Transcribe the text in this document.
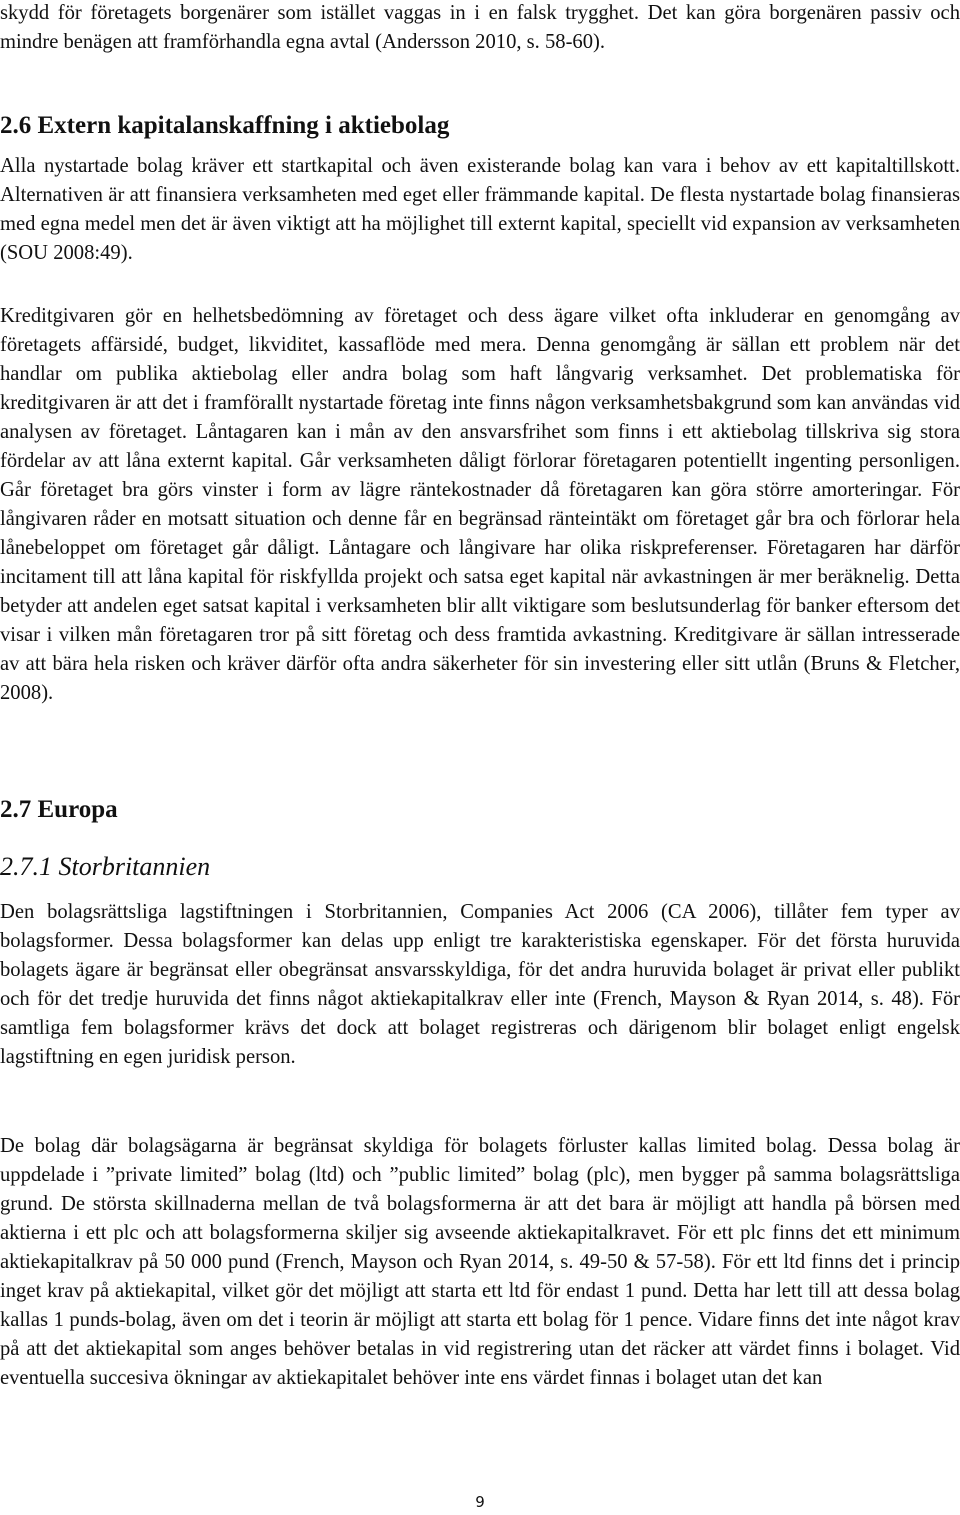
skydd för företagets borgenärer som istället vaggas in i en falsk trygghet. Det kan göra borgenären passiv och mindre benägen att framförhandla egna avtal (Andersson 2010, s. 58-60).

2.6 Extern kapitalanskaffning i aktiebolag

Alla nystartade bolag kräver ett startkapital och även existerande bolag kan vara i behov av ett kapitaltillskott. Alternativen är att finansiera verksamheten med eget eller främmande kapital. De flesta nystartade bolag finansieras med egna medel men det är även viktigt att ha möjlighet till externt kapital, speciellt vid expansion av verksamheten (SOU 2008:49).

Kreditgivaren gör en helhetsbedömning av företaget och dess ägare vilket ofta inkluderar en genomgång av företagets affärsidé, budget, likviditet, kassaflöde med mera. Denna genomgång är sällan ett problem när det handlar om publika aktiebolag eller andra bolag som haft långvarig verksamhet. Det problematiska för kreditgivaren är att det i framförallt nystartade företag inte finns någon verksamhetsbakgrund som kan användas vid analysen av företaget. Låntagaren kan i mån av den ansvarsfrihet som finns i ett aktiebolag tillskriva sig stora fördelar av att låna externt kapital. Går verksamheten dåligt förlorar företagaren potentiellt ingenting personligen. Går företaget bra görs vinster i form av lägre räntekostnader då företagaren kan göra större amorteringar. För långivaren råder en motsatt situation och denne får en begränsad ränteintäkt om företaget går bra och förlorar hela lånebeloppet om företaget går dåligt. Låntagare och långivare har olika riskpreferenser. Företagaren har därför incitament till att låna kapital för riskfyllda projekt och satsa eget kapital när avkastningen är mer beräknelig. Detta betyder att andelen eget satsat kapital i verksamheten blir allt viktigare som beslutsunderlag för banker eftersom det visar i vilken mån företagaren tror på sitt företag och dess framtida avkastning. Kreditgivare är sällan intresserade av att bära hela risken och kräver därför ofta andra säkerheter för sin investering eller sitt utlån (Bruns & Fletcher, 2008).

2.7 Europa
2.7.1 Storbritannien

Den bolagsrättsliga lagstiftningen i Storbritannien, Companies Act 2006 (CA 2006), tillåter fem typer av bolagsformer. Dessa bolagsformer kan delas upp enligt tre karakteristiska egenskaper. För det första huruvida bolagets ägare är begränsat eller obegränsat ansvarsskyldiga, för det andra huruvida bolaget är privat eller publikt och för det tredje huruvida det finns något aktiekapitalkrav eller inte (French, Mayson & Ryan 2014, s. 48). För samtliga fem bolagsformer krävs det dock att bolaget registreras och därigenom blir bolaget enligt engelsk lagstiftning en egen juridisk person.

De bolag där bolagsägarna är begränsat skyldiga för bolagets förluster kallas limited bolag. Dessa bolag är uppdelade i ”private limited” bolag (ltd) och ”public limited” bolag (plc), men bygger på samma bolagsrättsliga grund. De största skillnaderna mellan de två bolagsformerna är att det bara är möjligt att handla på börsen med aktierna i ett plc och att bolagsformerna skiljer sig avseende aktiekapitalkravet. För ett plc finns det ett minimum aktiekapitalkrav på 50 000 pund (French, Mayson och Ryan 2014, s. 49-50 & 57-58). För ett ltd finns det i princip inget krav på aktiekapital, vilket gör det möjligt att starta ett ltd för endast 1 pund. Detta har lett till att dessa bolag kallas 1 punds-bolag, även om det i teorin är möjligt att starta ett bolag för 1 pence. Vidare finns det inte något krav på att det aktiekapital som anges behöver betalas in vid registrering utan det räcker att värdet finns i bolaget. Vid eventuella succesiva ökningar av aktiekapitalet behöver inte ens värdet finnas i bolaget utan det kan

9
